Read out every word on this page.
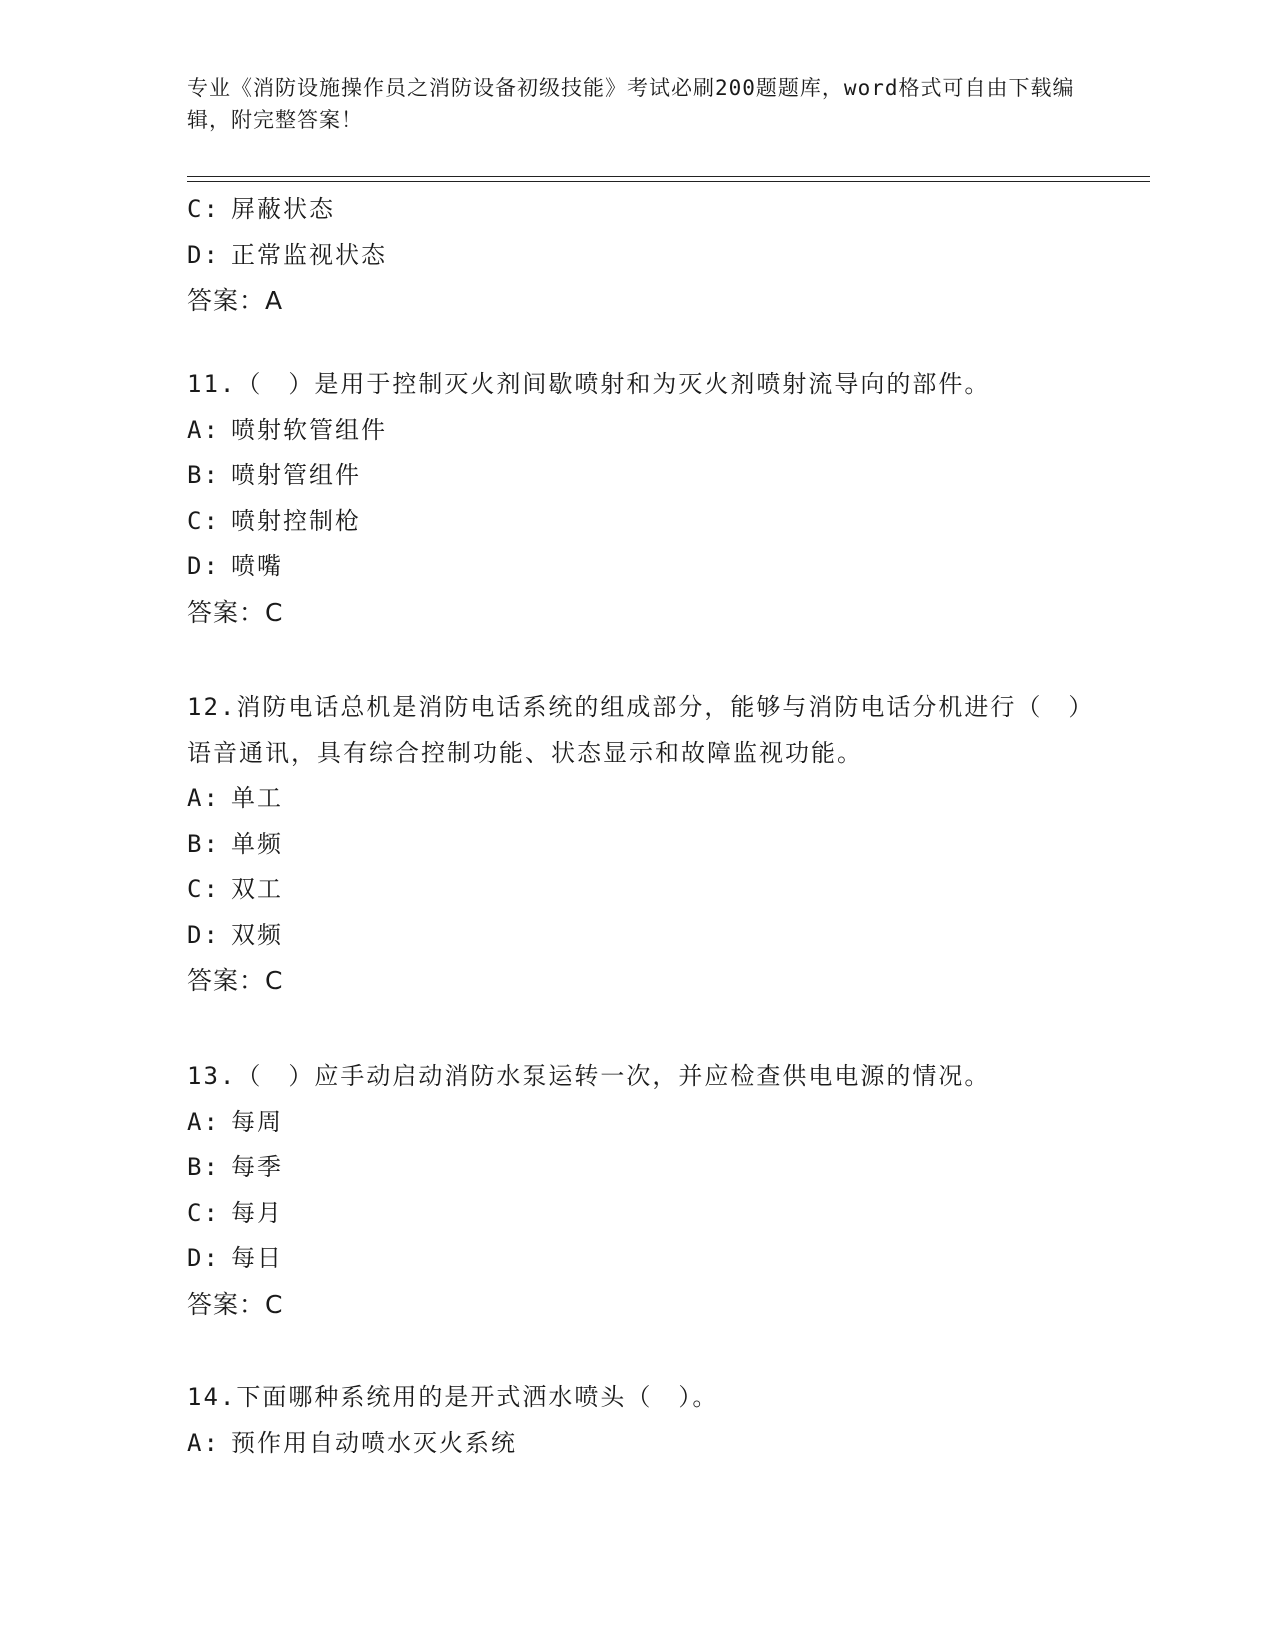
专业《消防设施操作员之消防设备初级技能》考试必刷200题题库，word格式可自由下载编辑，附完整答案！
C: 屏蔽状态
D: 正常监视状态
答案：A
11.（　）是用于控制灭火剂间歇喷射和为灭火剂喷射流导向的部件。
A: 喷射软管组件
B: 喷射管组件
C: 喷射控制枪
D: 喷嘴
答案：C
12.消防电话总机是消防电话系统的组成部分，能够与消防电话分机进行（　）语音通讯，具有综合控制功能、状态显示和故障监视功能。
A: 单工
B: 单频
C: 双工
D: 双频
答案：C
13.（　）应手动启动消防水泵运转一次，并应检查供电电源的情况。
A: 每周
B: 每季
C: 每月
D: 每日
答案：C
14.下面哪种系统用的是开式洒水喷头（　）。
A: 预作用自动喷水灭火系统
